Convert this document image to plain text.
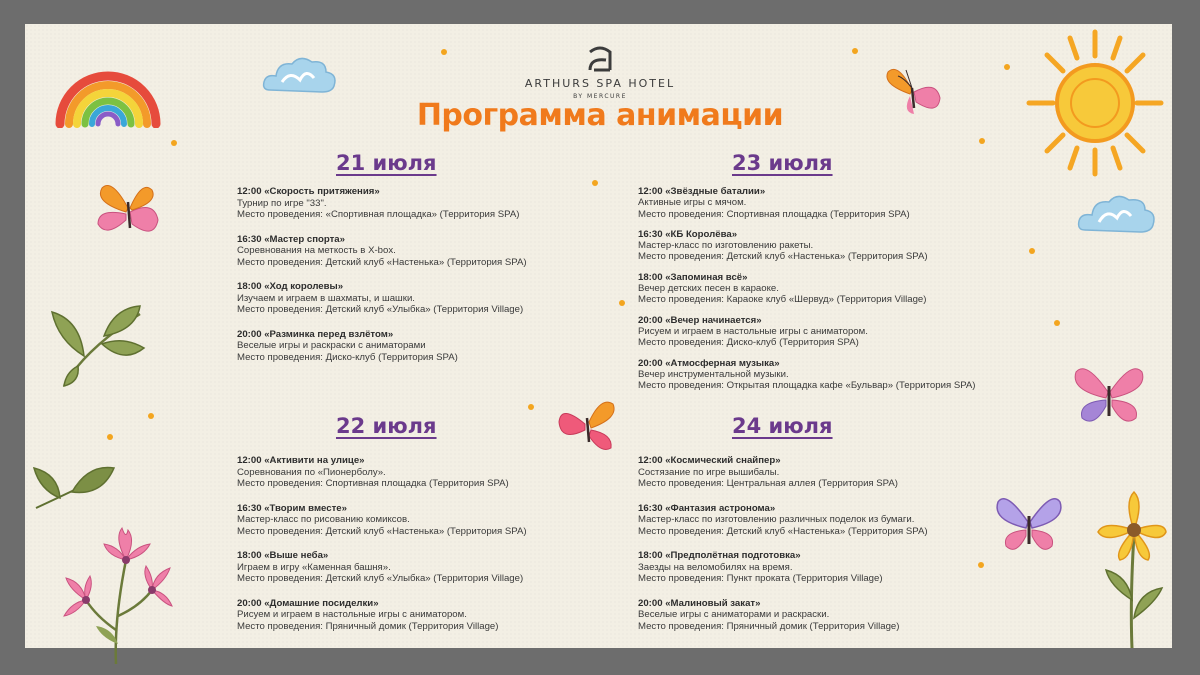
ARTHURS SPA HOTEL
BY MERCURE
Программа анимации
21 июля
12:00 «Скорость притяжения»
Турнир по игре "33".
Место проведения: «Спортивная площадка» (Территория SPA)
16:30 «Мастер спорта»
Соревнования на меткость в X-box.
Место проведения: Детский клуб «Настенька» (Территория SPA)
18:00 «Ход королевы»
Изучаем и играем в шахматы, и шашки.
Место проведения: Детский клуб «Улыбка» (Территория Village)
20:00 «Разминка перед взлётом»
Веселые игры и раскраски с аниматорами
Место проведения: Диско-клуб (Территория SPA)
23 июля
12:00 «Звёздные баталии»
Активные игры с мячом.
Место проведения: Спортивная площадка (Территория SPA)
16:30 «КБ Королёва»
Мастер-класс по изготовлению ракеты.
Место проведения: Детский клуб «Настенька» (Территория SPA)
18:00 «Запоминая всё»
Вечер детских песен в караоке.
Место проведения: Караоке клуб «Шервуд» (Территория Village)
20:00 «Вечер начинается»
Рисуем и играем в настольные игры с аниматором.
Место проведения: Диско-клуб (Территория SPA)
20:00 «Атмосферная музыка»
Вечер инструментальной музыки.
Место проведения: Открытая площадка кафе «Бульвар» (Территория SPA)
22 июля
12:00 «Активити на улице»
Соревнования по «Пионерболу».
Место проведения: Спортивная площадка (Территория SPA)
16:30 «Творим вместе»
Мастер-класс по рисованию комиксов.
Место проведения: Детский клуб «Настенька» (Территория SPA)
18:00 «Выше неба»
Играем в игру «Каменная башня».
Место проведения: Детский клуб «Улыбка» (Территория Village)
20:00 «Домашние посиделки»
Рисуем и играем в настольные игры с аниматором.
Место проведения: Пряничный домик (Территория Village)
24 июля
12:00 «Космический снайпер»
Состязание по игре вышибалы.
Место проведения: Центральная аллея (Территория SPA)
16:30 «Фантазия астронома»
Мастер-класс по изготовлению различных поделок из бумаги.
Место проведения: Детский клуб «Настенька» (Территория SPA)
18:00 «Предполётная подготовка»
Заезды на веломобилях на время.
Место проведения: Пункт проката (Территория Village)
20:00 «Малиновый закат»
Веселые игры с аниматорами и раскраски.
Место проведения: Пряничный домик (Территория Village)
